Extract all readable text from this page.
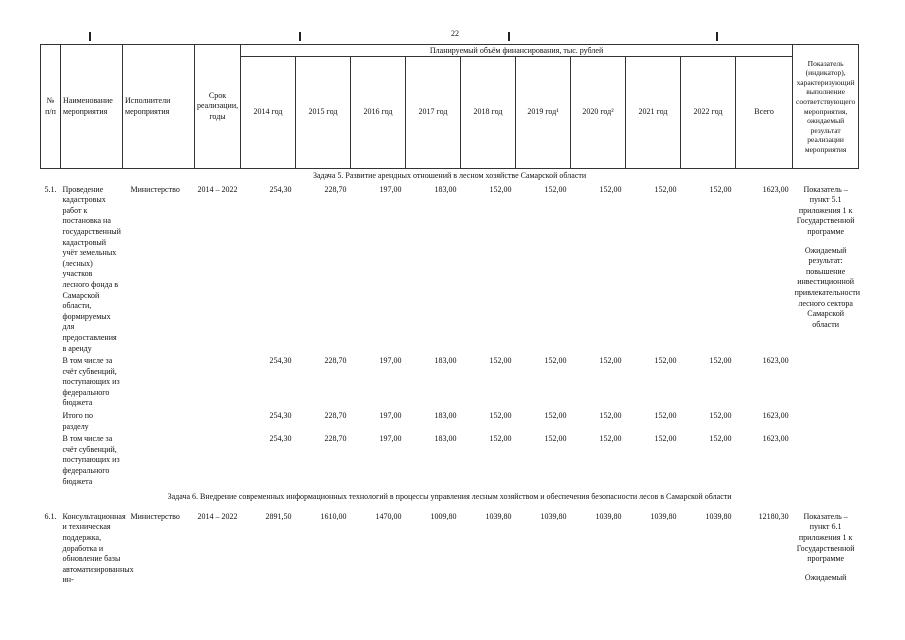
22
№ п/п	Наименование мероприятия	Исполнители мероприятия	Срок реализации, годы	Планируемый объём финансирования, тыс. рублей										Показатель (индикатор), характеризующий выполнение соответствующего мероприятия, ожидаемый результат реализации мероприятия
				2014 год	2015 год	2016 год	2017 год	2018 год	2019 год¹	2020 год²	2021 год	2022 год	Всего	
Задача 5. Развитие арендных отношений в лесном хозяйстве Самарской области														
5.1.	Проведение кадастровых работ к постановка на государственный кадастровый учёт земельных (лесных) участков лесного фонда в Самарской области, формируемых для предоставления в аренду	Министерство	2014 – 2022	254,30	228,70	197,00	183,00	152,00	152,00	152,00	152,00	152,00	1623,00	Показатель – пункт 5.1 приложения 1 к Государственной программе
Ожидаемый результат: повышение инвестиционной привлекательности лесного сектора Самарской области

	В том числе за счёт субвенций, поступающих из федерального бюджета			254,30	228,70	197,00	183,00	152,00	152,00	152,00	152,00	152,00	1623,00	
	Итого по разделу			254,30	228,70	197,00	183,00	152,00	152,00	152,00	152,00	152,00	1623,00	
	В том числе за счёт субвенций, поступающих из федерального бюджета			254,30	228,70	197,00	183,00	152,00	152,00	152,00	152,00	152,00	1623,00	
Задача 6. Внедрение современных информационных технологий в процессы управления лесным хозяйством и обеспечения безопасности лесов в Самарской области														
6.1.	Консультационная и техническая поддержка, доработка и обновление базы автоматизированных ин-	Министерство	2014 – 2022	2891,50	1610,00	1470,00	1009,80	1039,80	1039,80	1039,80	1039,80	1039,80	12180,30	Показатель – пункт 6.1 приложения 1 к Государственной программе
Ожидаемый
